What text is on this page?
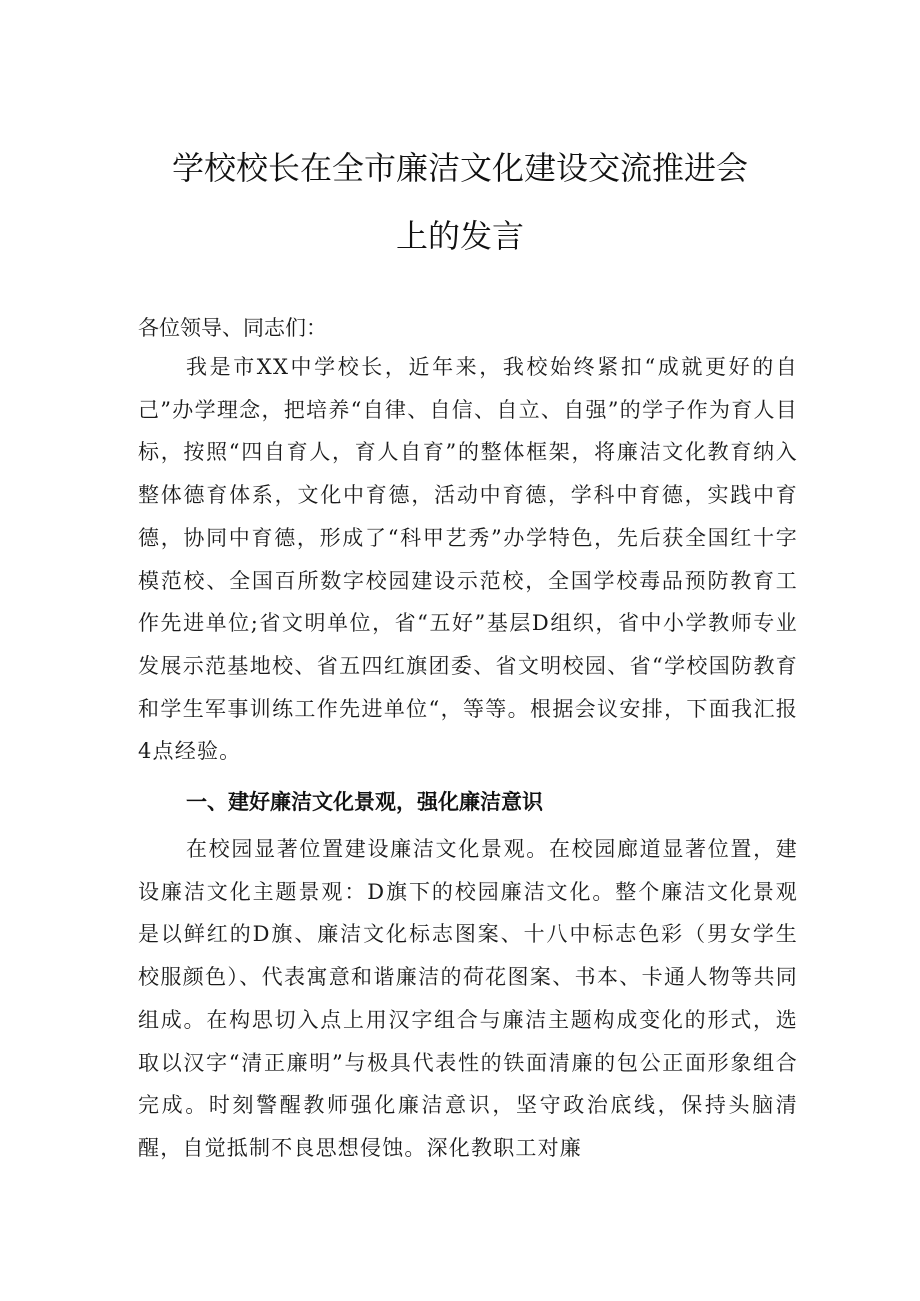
学校校长在全市廉洁文化建设交流推进会
上的发言

各位领导、同志们：

我是市XX中学校长，近年来，我校始终紧扣“成就更好的自己”办学理念，把培养“自律、自信、自立、自强”的学子作为育人目标，按照“四自育人，育人自育”的整体框架，将廉洁文化教育纳入整体德育体系，文化中育德，活动中育德，学科中育德，实践中育德，协同中育德，形成了“科甲艺秀”办学特色，先后获全国红十字模范校、全国百所数字校园建设示范校，全国学校毒品预防教育工作先进单位;省文明单位，省“五好”基层D组织，省中小学教师专业发展示范基地校、省五四红旗团委、省文明校园、省“学校国防教育和学生军事训练工作先进单位“，等等。根据会议安排，下面我汇报4点经验。

一、建好廉洁文化景观，强化廉洁意识

在校园显著位置建设廉洁文化景观。在校园廊道显著位置，建设廉洁文化主题景观：D旗下的校园廉洁文化。整个廉洁文化景观是以鲜红的D旗、廉洁文化标志图案、十八中标志色彩（男女学生校服颜色）、代表寓意和谐廉洁的荷花图案、书本、卡通人物等共同组成。在构思切入点上用汉字组合与廉洁主题构成变化的形式，选取以汉字“清正廉明”与极具代表性的铁面清廉的包公正面形象组合完成。时刻警醒教师强化廉洁意识，坚守政治底线，保持头脑清醒，自觉抵制不良思想侵蚀。深化教职工对廉
